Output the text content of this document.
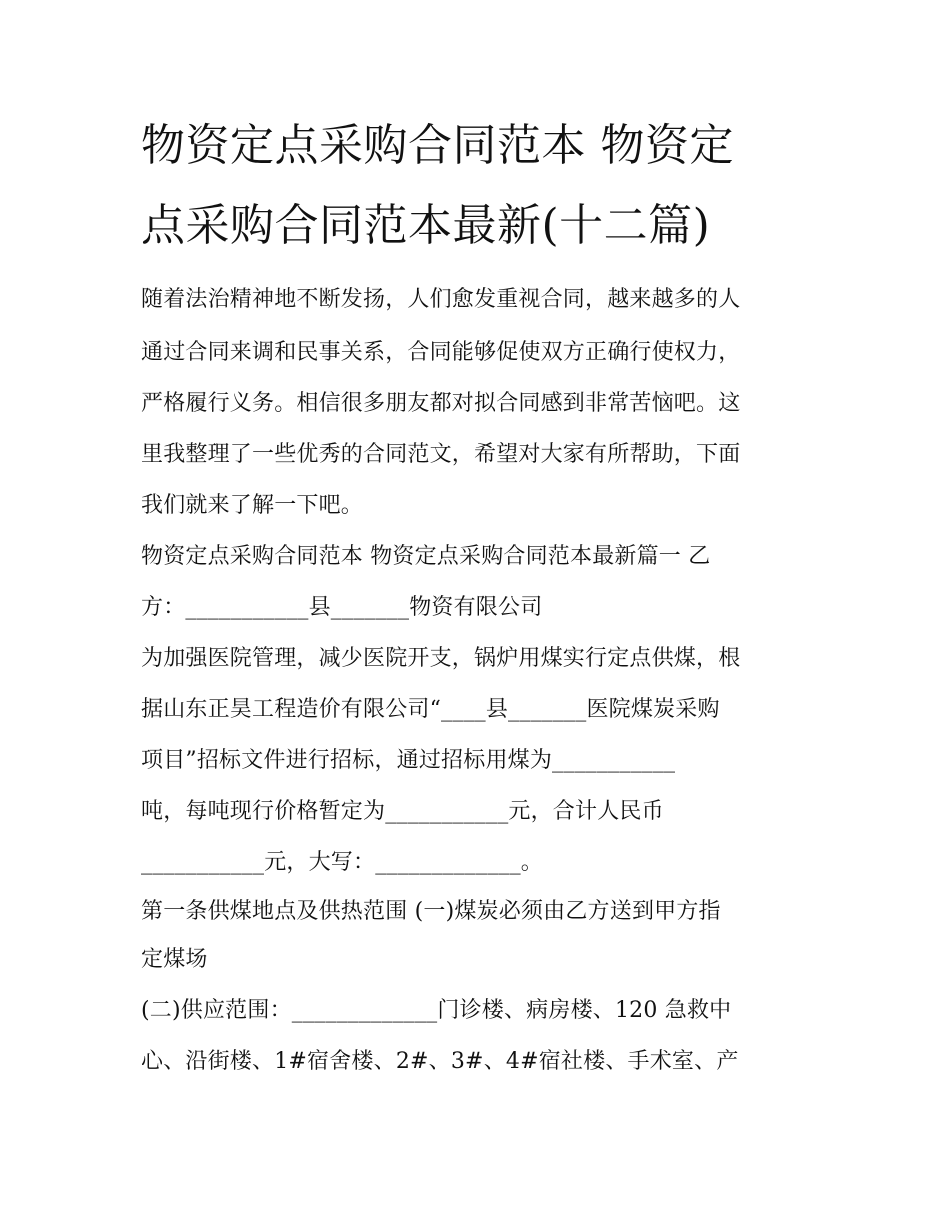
物资定点采购合同范本 物资定
点采购合同范本最新(十二篇)
随着法治精神地不断发扬，人们愈发重视合同，越来越多的人
通过合同来调和民事关系，合同能够促使双方正确行使权力，
严格履行义务。相信很多朋友都对拟合同感到非常苦恼吧。这
里我整理了一些优秀的合同范文，希望对大家有所帮助，下面
我们就来了解一下吧。
物资定点采购合同范本 物资定点采购合同范本最新篇一 乙
方：___________县_______物资有限公司
为加强医院管理，减少医院开支，锅炉用煤实行定点供煤，根
据山东正昊工程造价有限公司“____县_______医院煤炭采购
项目”招标文件进行招标，通过招标用煤为___________
吨，每吨现行价格暂定为___________元，合计人民币
___________元，大写：_____________。
第一条供煤地点及供热范围 (一)煤炭必须由乙方送到甲方指
定煤场
(二)供应范围：_____________门诊楼、病房楼、120 急救中
心、沿街楼、1#宿舍楼、2#、3#、4#宿社楼、手术室、产
